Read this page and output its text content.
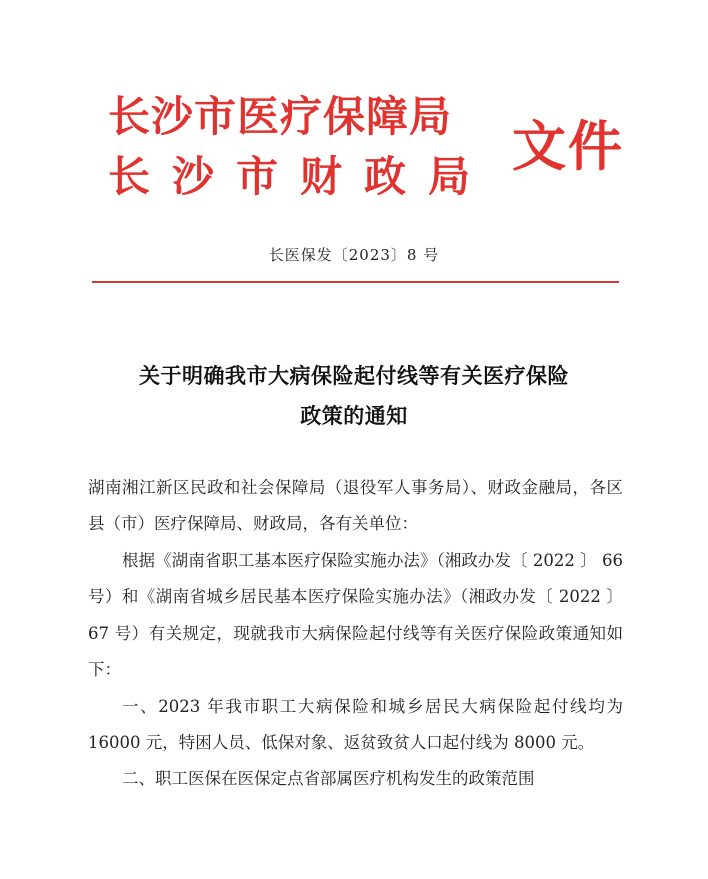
长沙市医疗保障局
长沙市财政局 文件
长医保发〔2023〕8 号
关于明确我市大病保险起付线等有关医疗保险
政策的通知
湖南湘江新区民政和社会保障局（退役军人事务局）、财政金融局，各区县（市）医疗保障局、财政局，各有关单位：

根据《湖南省职工基本医疗保险实施办法》（湘政办发〔 2022 〕 66 号）和《湖南省城乡居民基本医疗保险实施办法》（湘政办发〔 2022 〕 67 号）有关规定，现就我市大病保险起付线等有关医疗保险政策通知如下：

一、2023 年我市职工大病保险和城乡居民大病保险起付线均为 16000 元，特困人员、低保对象、返贫致贫人口起付线为 8000 元。

二、职工医保在医保定点省部属医疗机构发生的政策范围
